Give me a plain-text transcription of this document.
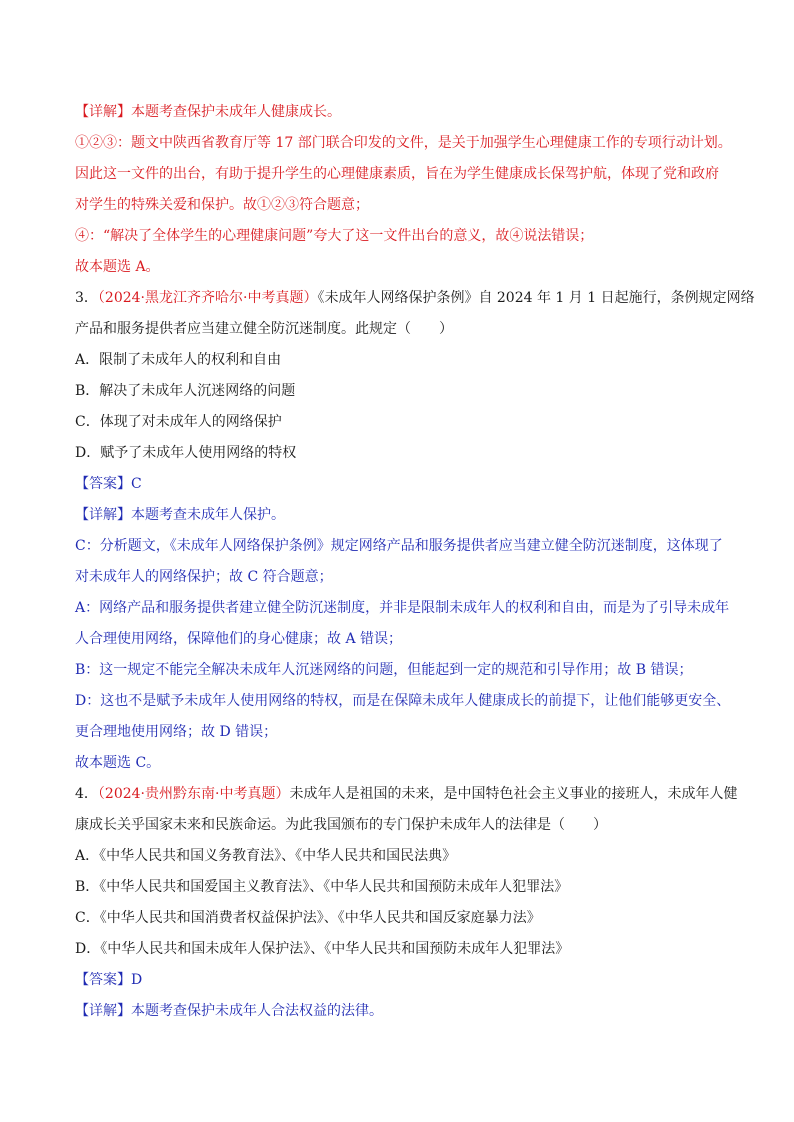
【详解】本题考查保护未成年人健康成长。
①②③：题文中陕西省教育厅等 17 部门联合印发的文件，是关于加强学生心理健康工作的专项行动计划。
因此这一文件的出台，有助于提升学生的心理健康素质，旨在为学生健康成长保驾护航，体现了党和政府
对学生的特殊关爱和保护。故①②③符合题意；
④：“解决了全体学生的心理健康问题”夸大了这一文件出台的意义，故④说法错误；
故本题选 A。
3．（2024·黑龙江齐齐哈尔·中考真题）《未成年人网络保护条例》自 2024 年 1 月 1 日起施行，条例规定网络
产品和服务提供者应当建立健全防沉迷制度。此规定（　　）
A．限制了未成年人的权利和自由
B．解决了未成年人沉迷网络的问题
C．体现了对未成年人的网络保护
D．赋予了未成年人使用网络的特权
【答案】C
【详解】本题考查未成年人保护。
C：分析题文，《未成年人网络保护条例》规定网络产品和服务提供者应当建立健全防沉迷制度，这体现了
对未成年人的网络保护；故 C 符合题意；
A：网络产品和服务提供者建立健全防沉迷制度，并非是限制未成年人的权利和自由，而是为了引导未成年
人合理使用网络，保障他们的身心健康；故 A 错误；
B：这一规定不能完全解决未成年人沉迷网络的问题，但能起到一定的规范和引导作用；故 B 错误；
D：这也不是赋予未成年人使用网络的特权，而是在保障未成年人健康成长的前提下，让他们能够更安全、
更合理地使用网络；故 D 错误；
故本题选 C。
4．（2024·贵州黔东南·中考真题）未成年人是祖国的未来，是中国特色社会主义事业的接班人，未成年人健
康成长关乎国家未来和民族命运。为此我国颁布的专门保护未成年人的法律是（　　）
A．《中华人民共和国义务教育法》、《中华人民共和国民法典》
B．《中华人民共和国爱国主义教育法》、《中华人民共和国预防未成年人犯罪法》
C．《中华人民共和国消费者权益保护法》、《中华人民共和国反家庭暴力法》
D．《中华人民共和国未成年人保护法》、《中华人民共和国预防未成年人犯罪法》
【答案】D
【详解】本题考查保护未成年人合法权益的法律。
